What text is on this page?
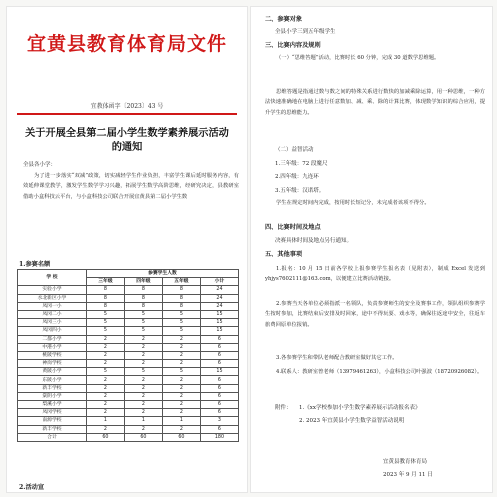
宜黄县教育体育局文件
宜教体函字〔2023〕43 号
关于开展全县第二届小学生数学素养展示活动
的通知
全县各小学：
为了进一步落实“双减”政策，切实减轻学生作业负担，丰富学生课后延时服务内容，有效延伸课堂教学，激发学生数学学习兴趣，拓展学生数学高阶思维，经研究决定，县教研室借助小盒科技云平台，与小盒科技公司联合开展宜黄县第二届小学生数
1.参赛名额
学 校	参赛学生人数			
	三年级	四年级	五年级	小计
实验小学	8	8	8	24
水北新区小学	8	8	8	24
凤冈一小	8	8	8	24
凤冈二小	5	5	5	15
凤冈三小	5	5	5	15
凤冈四小	5	5	5	15
二都小学	2	2	2	6
中港小学	2	2	2	6
桃陂学校	2	2	2	6
神岗学校	2	2	2	6
黄陂小学	5	5	5	15
东陂小学	2	2	2	6
新丰学校	2	2	2	6
棠阴小学	2	2	2	6
梨溪小学	2	2	2	6
凤冈学校	2	2	2	6
南源学校	1	1	1	3
新丰学校	2	2	2	6
合计	60	60	60	180
2.活动宣
二、参赛对象
全县小学三到五年级学生
三、比赛内容及规则
（一）“思维答题”活动，比赛时长 60 分钟，完成 30 道数学思维题。
思维答题是指通过数与数之间的特殊关系进行数快的加减乘除运算，用一种思维，一种方法快速准确地在电脑上进行任意数加、减、乘、除的计算比赛，体现数学知识的综合应用，提升学生的思维能力。
（二）益智活动
1.三年级：72 段魔尺
2.四年级：九连环
3.五年级：汉诺塔。
学生在规定时间内完成，按用时长短记分，未完成者该项不得分。
四、比赛时间及地点
决赛具体时间及地点另行通知。
五、其他事项
1.报名：10 月 15 日前各学校上报参赛学生报名表（见附表），制成 Excel 发送到 yhjys7602111@163.com，以便建立比赛活动链接。
2.参赛当天各单位必须指派一名领队，负责参赛师生的安全及赛事工作，领队组织参赛学生按时参加，比赛结束后安排及时回家，途中不得玩耍、戏水等，确保往返途中安全，往返车旅费回原单位报销。
3.各参赛学生和带队老师配合教研室做好其它工作。
4.联系人：教研室曾老师（13979461263），小盒科技公司叶强波（18720926082）。
附件：	1.《xx学校参加小学生数学素养展示活动报名表》
2. 2023 年宜黄县小学生数学益智活动说明
宜黄县教育体育局
2023 年 9 月 11 日
